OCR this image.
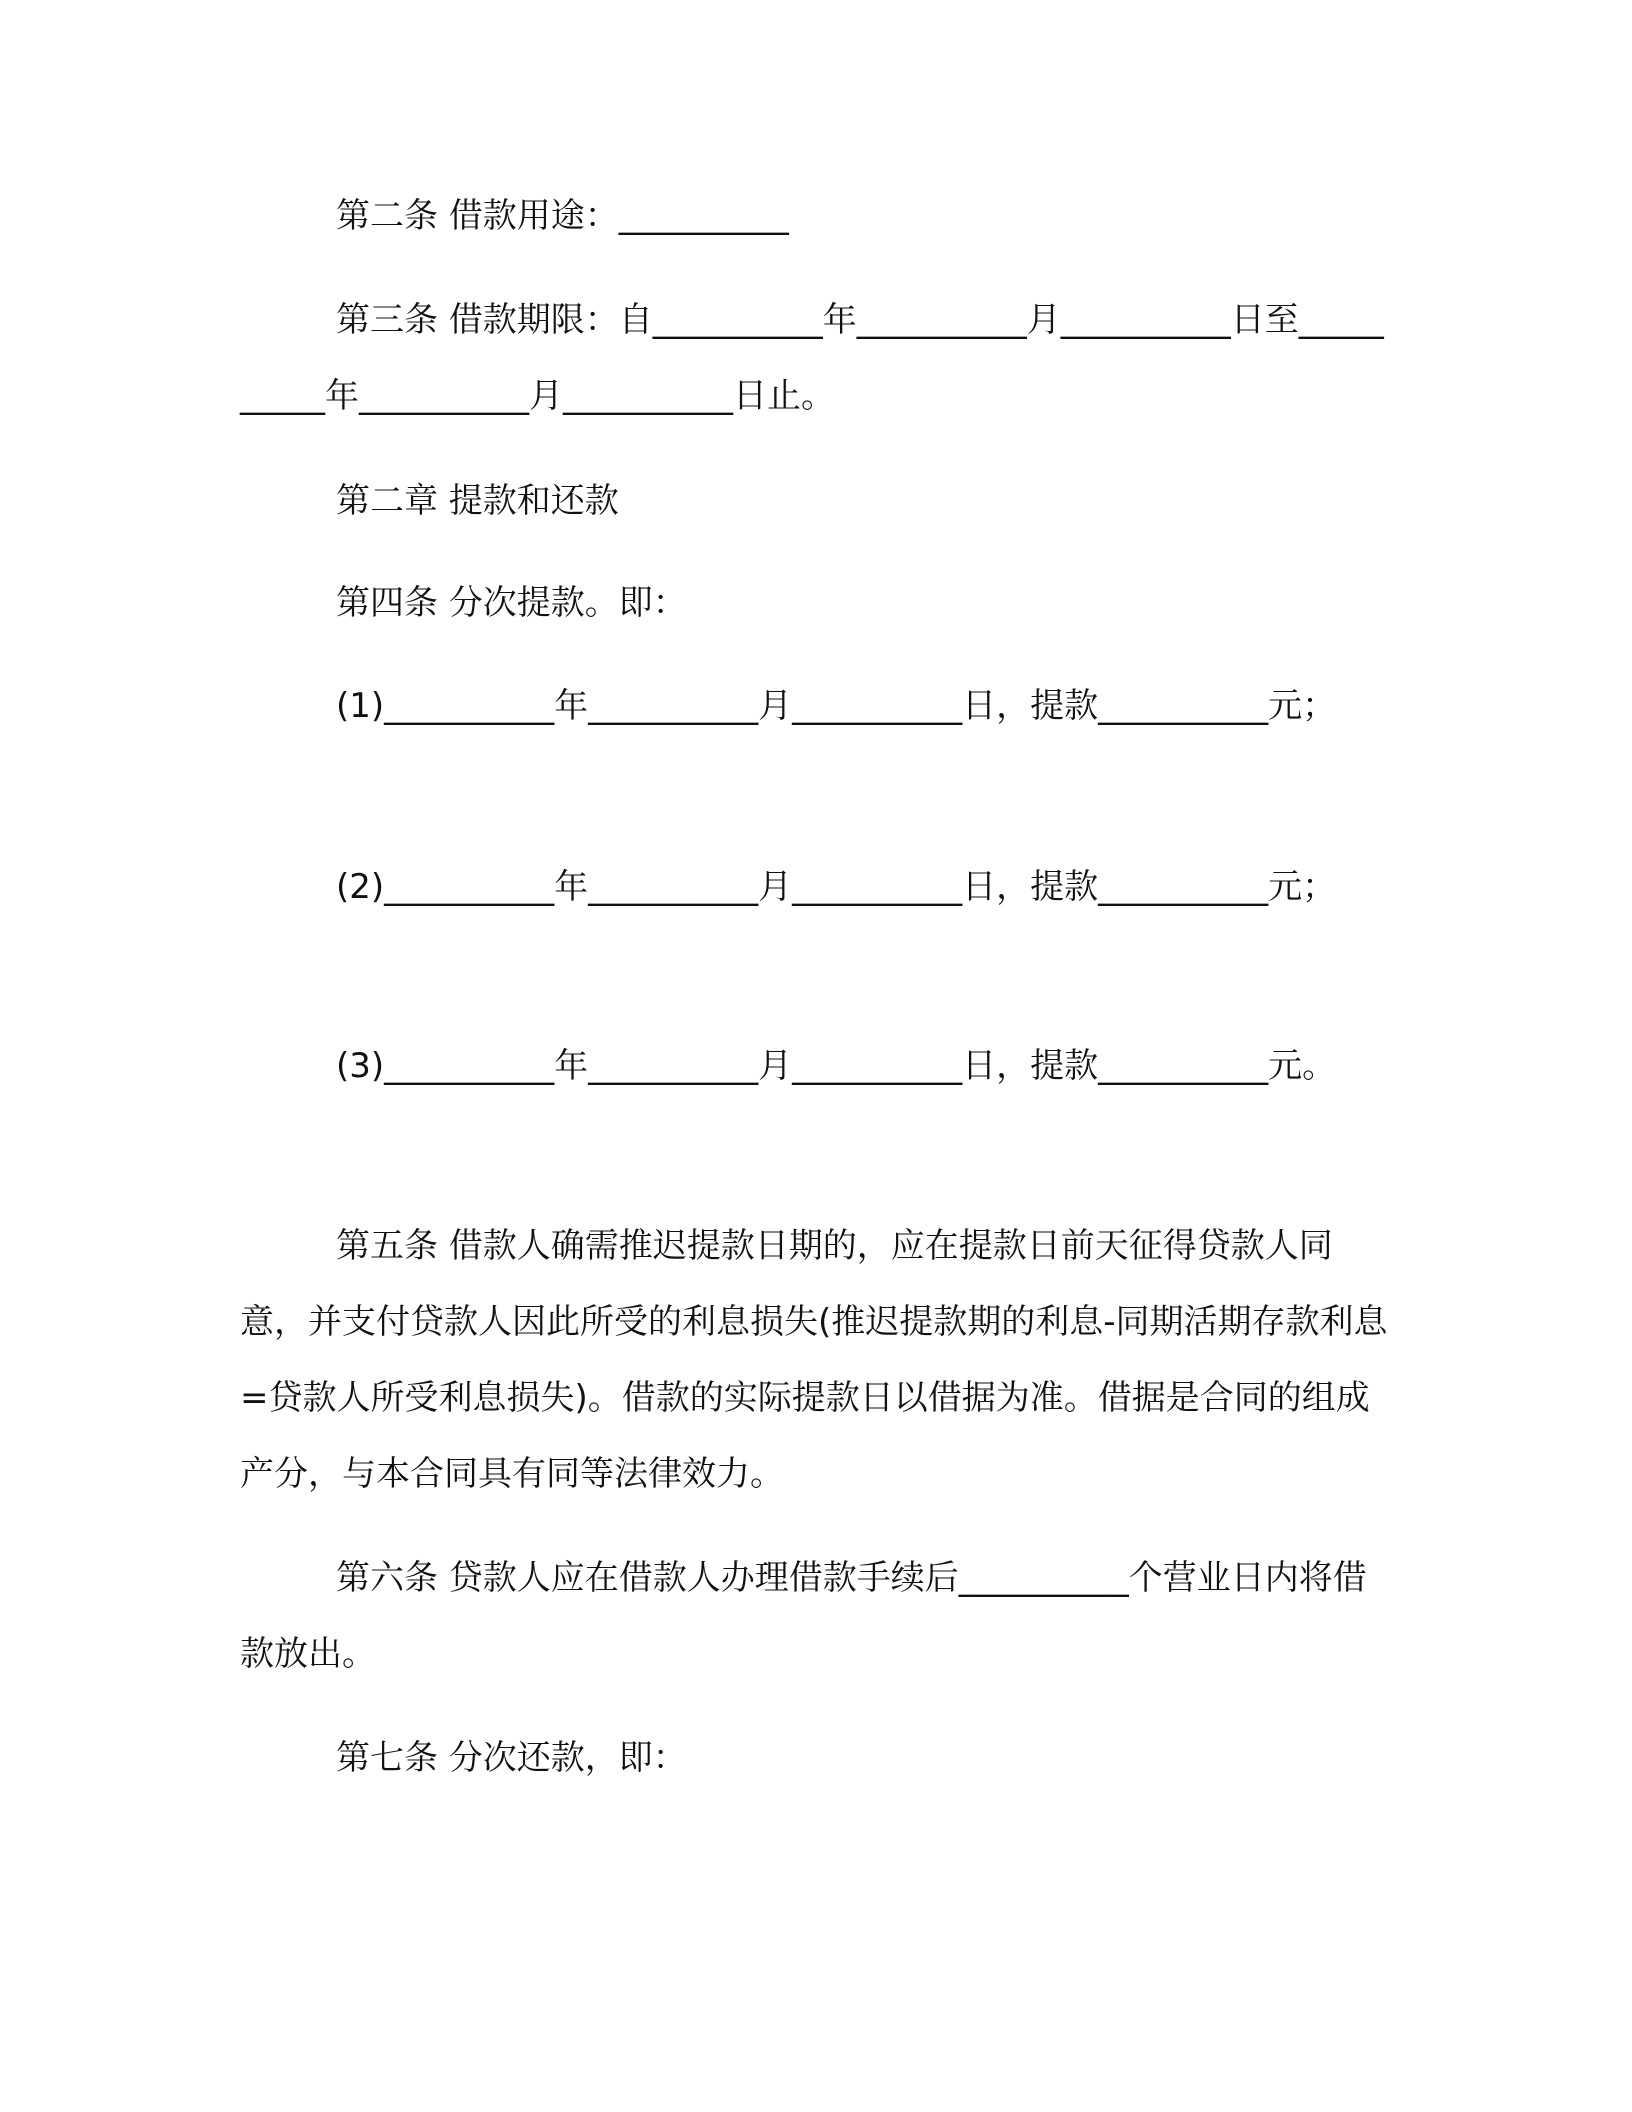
第二条 借款用途：__________

第三条 借款期限：自__________年__________月__________日至__________年__________月__________日止。

第二章 提款和还款

第四条 分次提款。即：

(1)__________年__________月__________日，提款__________元；

(2)__________年__________月__________日，提款__________元；

(3)__________年__________月__________日，提款__________元。

第五条 借款人确需推迟提款日期的，应在提款日前天征得贷款人同意，并支付贷款人因此所受的利息损失(推迟提款期的利息-同期活期存款利息=贷款人所受利息损失)。借款的实际提款日以借据为准。借据是合同的组成产分，与本合同具有同等法律效力。

第六条 贷款人应在借款人办理借款手续后__________个营业日内将借款放出。

第七条 分次还款，即：
